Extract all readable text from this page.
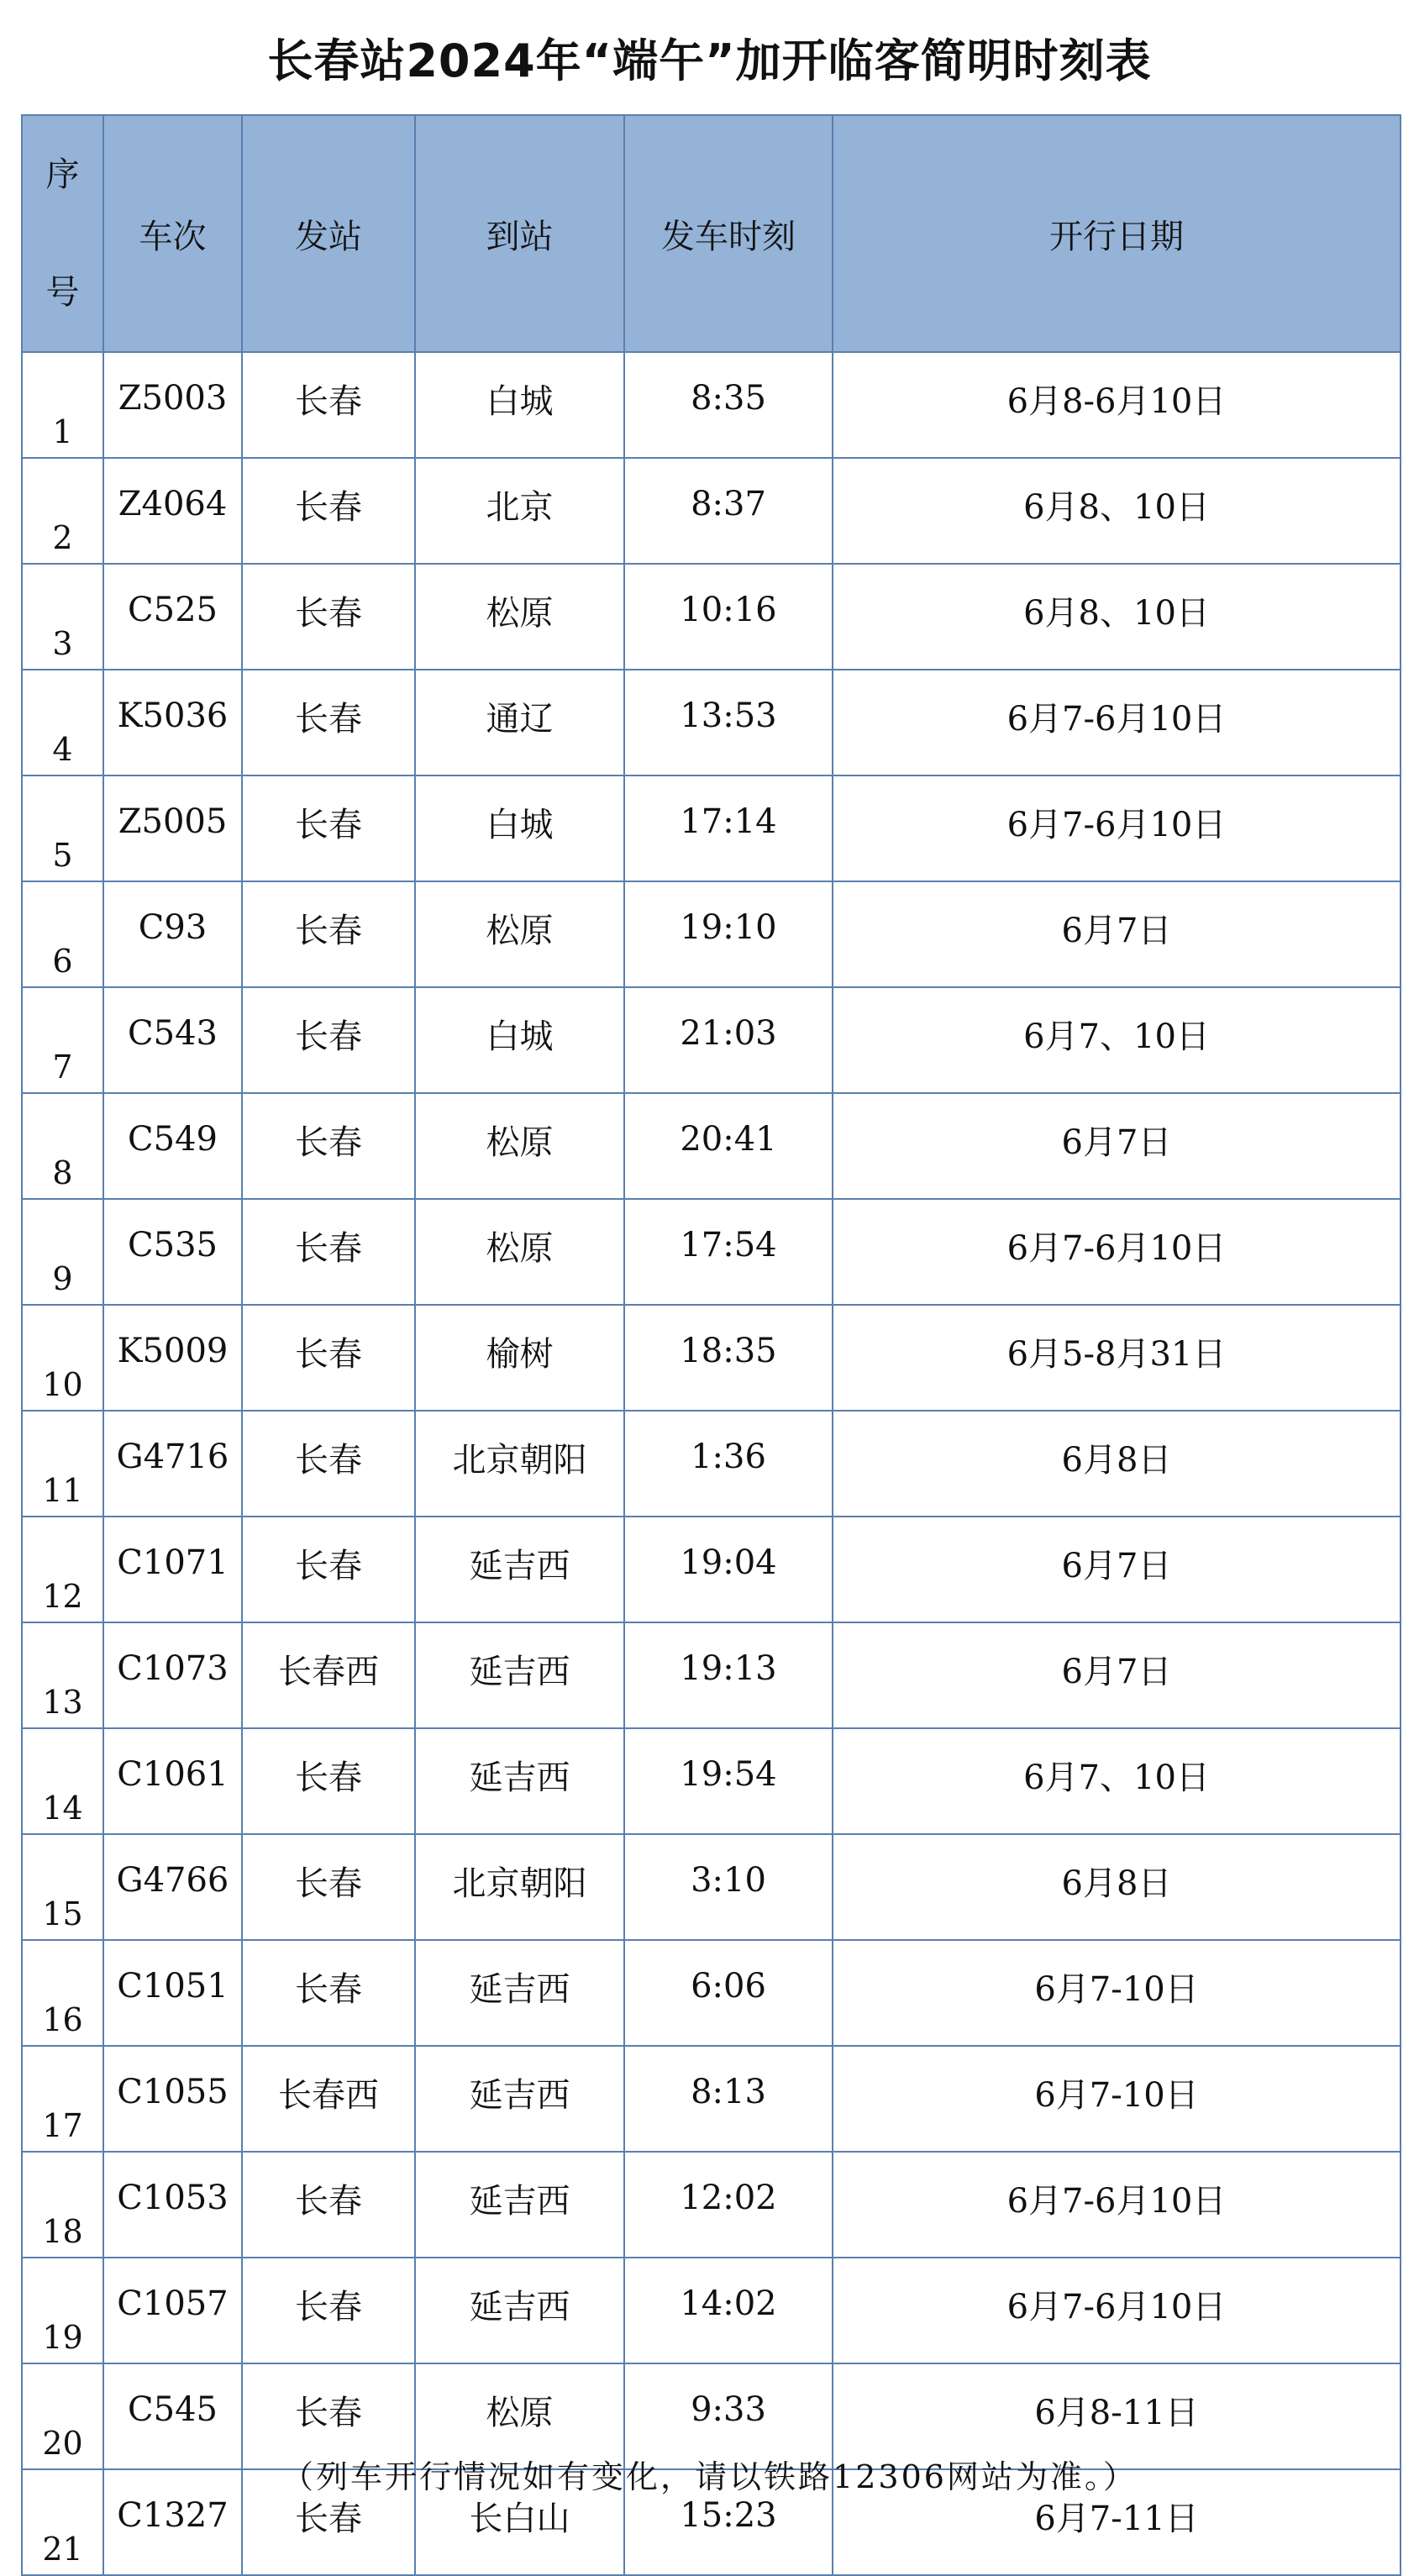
长春站2024年“端午”加开临客简明时刻表
序号	车次	发站	到站	发车时刻	开行日期
1	Z5003	长春	白城	8:35	6月8-6月10日
2	Z4064	长春	北京	8:37	6月8、10日
3	C525	长春	松原	10:16	6月8、10日
4	K5036	长春	通辽	13:53	6月7-6月10日
5	Z5005	长春	白城	17:14	6月7-6月10日
6	C93	长春	松原	19:10	6月7日
7	C543	长春	白城	21:03	6月7、10日
8	C549	长春	松原	20:41	6月7日
9	C535	长春	松原	17:54	6月7-6月10日
10	K5009	长春	榆树	18:35	6月5-8月31日
11	G4716	长春	北京朝阳	1:36	6月8日
12	C1071	长春	延吉西	19:04	6月7日
13	C1073	长春西	延吉西	19:13	6月7日
14	C1061	长春	延吉西	19:54	6月7、10日
15	G4766	长春	北京朝阳	3:10	6月8日
16	C1051	长春	延吉西	6:06	6月7-10日
17	C1055	长春西	延吉西	8:13	6月7-10日
18	C1053	长春	延吉西	12:02	6月7-6月10日
19	C1057	长春	延吉西	14:02	6月7-6月10日
20	C545	长春	松原	9:33	6月8-11日
21	C1327	长春	长白山	15:23	6月7-11日
（列车开行情况如有变化，请以铁路12306网站为准。）
